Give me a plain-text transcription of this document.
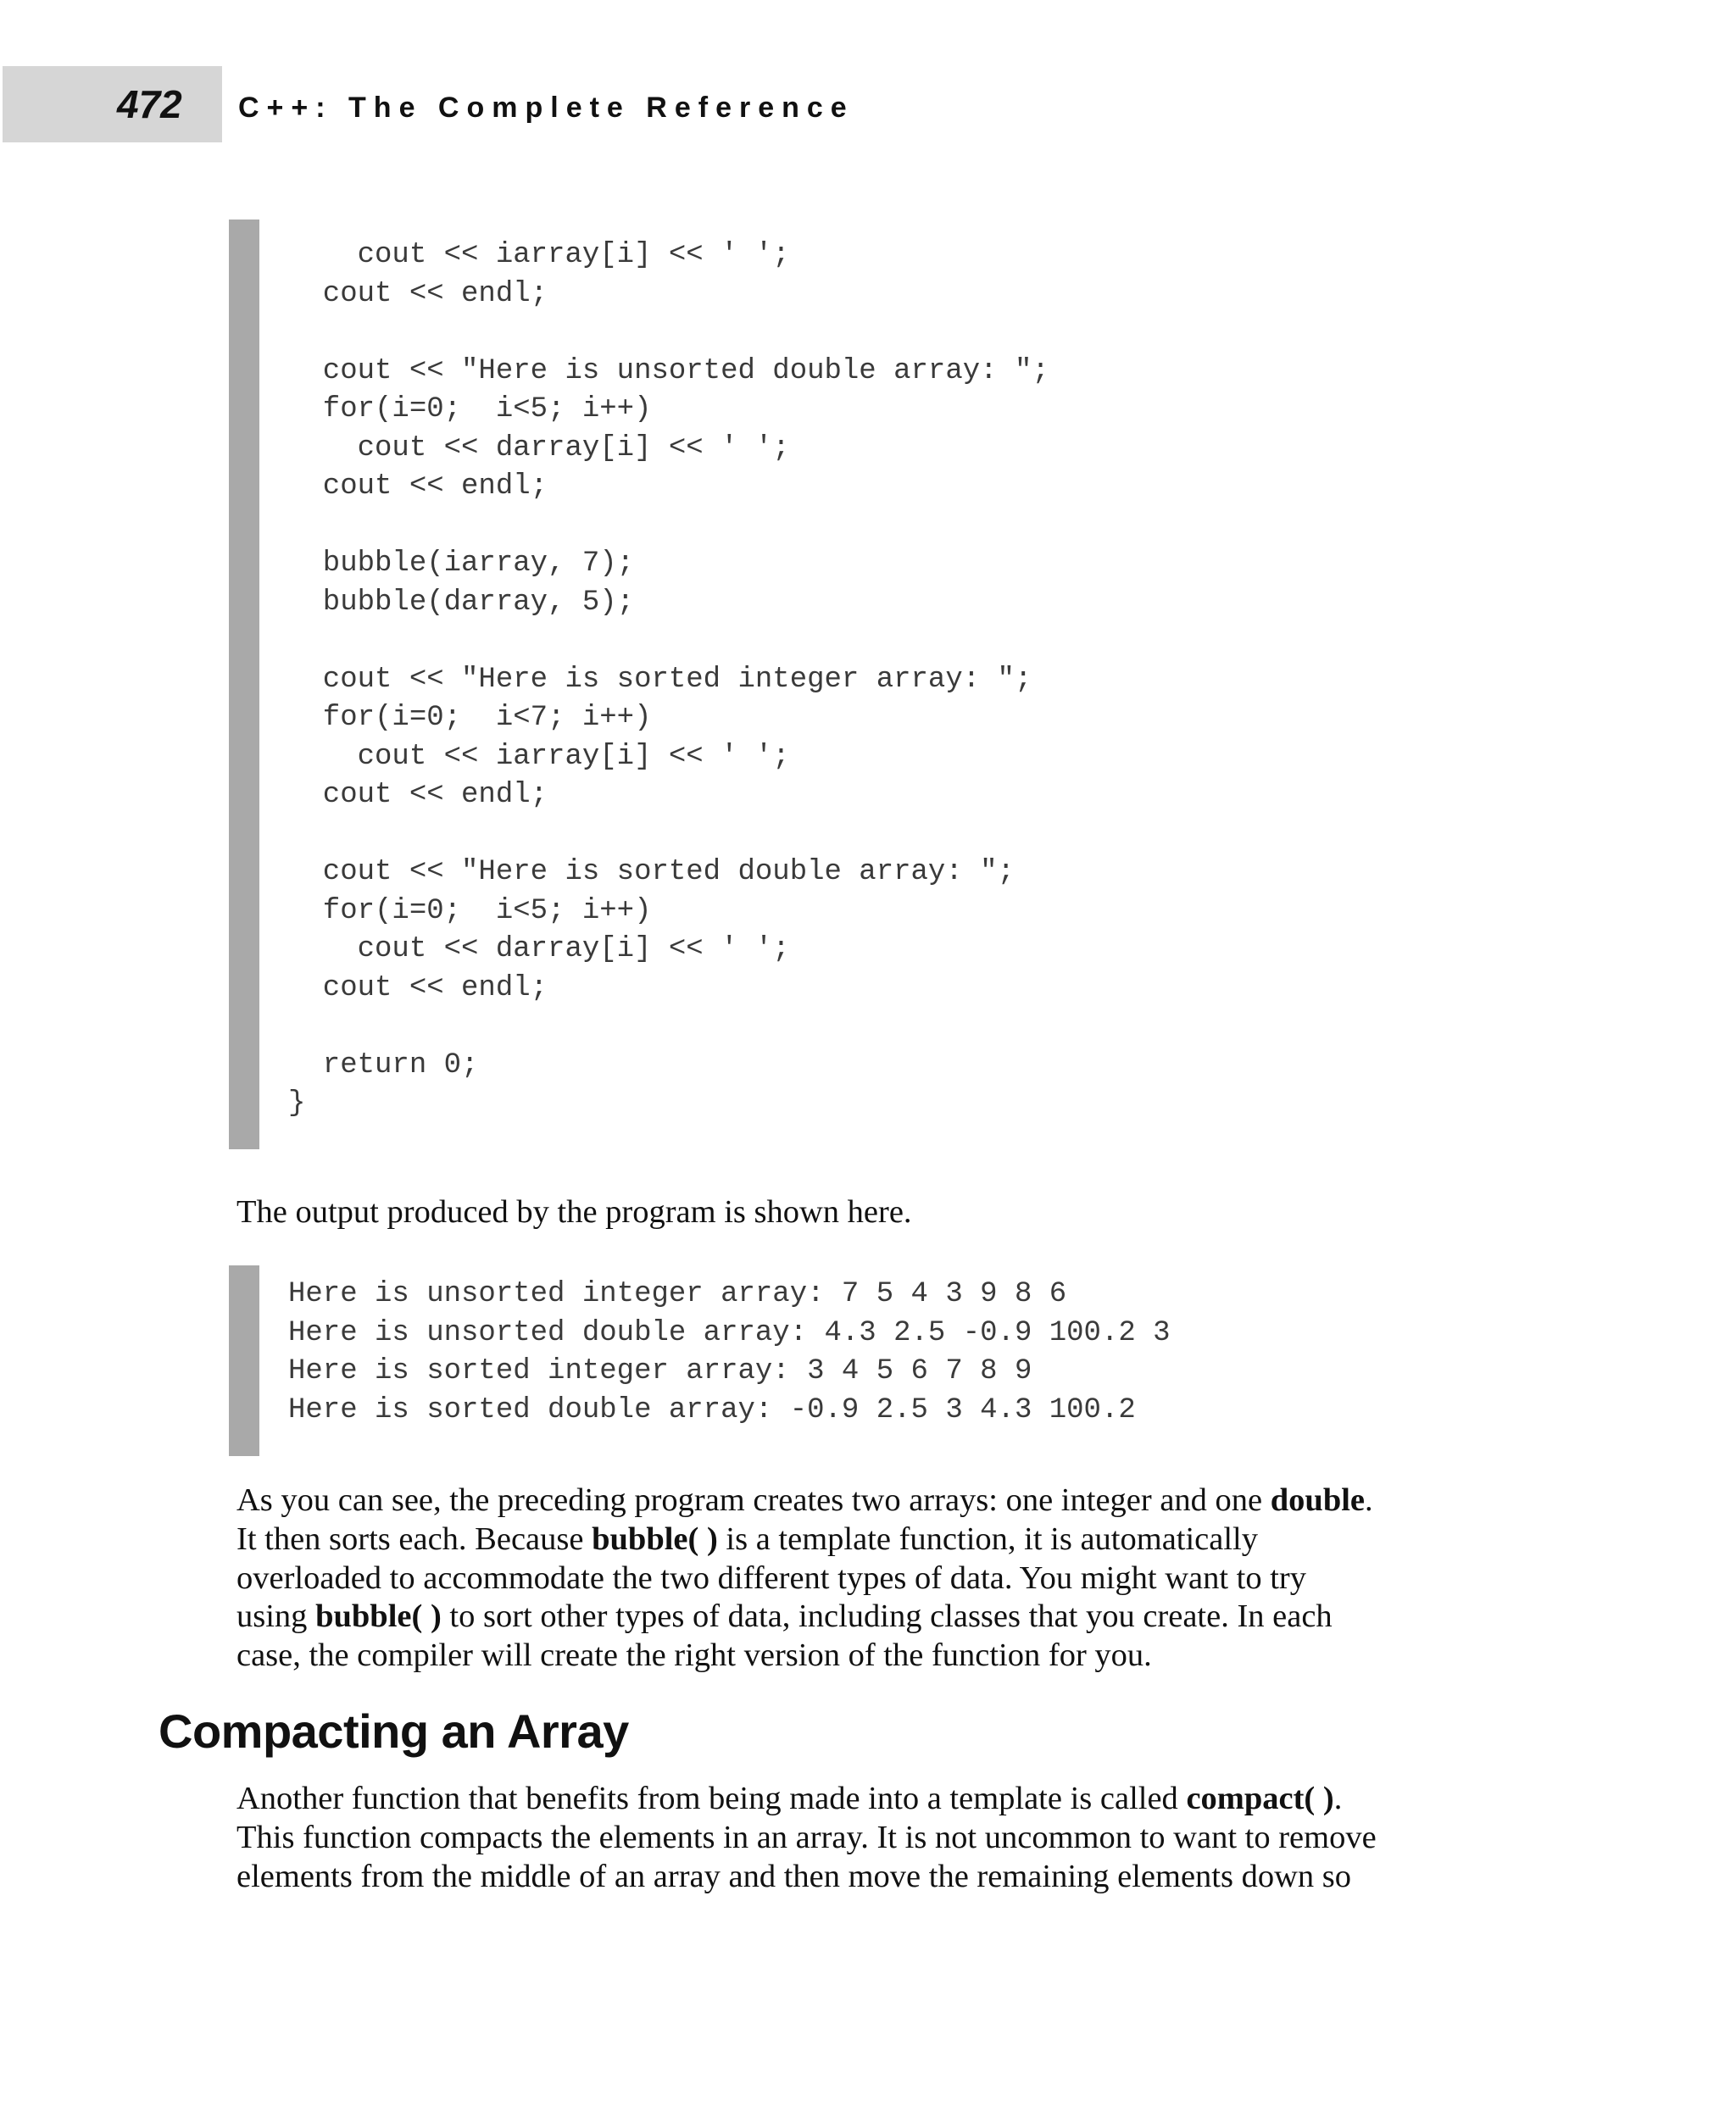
472 C++: The Complete Reference
cout << iarray[i] << ' ';
cout << endl;

cout << "Here is unsorted double array: ";
for(i=0;  i<5; i++)
cout << darray[i] << ' ';
cout << endl;

bubble(iarray, 7);
bubble(darray, 5);

cout << "Here is sorted integer array: ";
for(i=0;  i<7; i++)
cout << iarray[i] << ' ';
cout << endl;

cout << "Here is sorted double array: ";
for(i=0;  i<5; i++)
cout << darray[i] << ' ';
cout << endl;

return 0;
}
The output produced by the program is shown here.
Here is unsorted integer array: 7 5 4 3 9 8 6
Here is unsorted double array: 4.3 2.5 -0.9 100.2 3
Here is sorted integer array: 3 4 5 6 7 8 9
Here is sorted double array: -0.9 2.5 3 4.3 100.2
As you can see, the preceding program creates two arrays: one integer and one double.
It then sorts each. Because bubble( ) is a template function, it is automatically
overloaded to accommodate the two different types of data. You might want to try
using bubble( ) to sort other types of data, including classes that you create. In each
case, the compiler will create the right version of the function for you.
Compacting an Array
Another function that benefits from being made into a template is called compact( ).
This function compacts the elements in an array. It is not uncommon to want to remove
elements from the middle of an array and then move the remaining elements down so
